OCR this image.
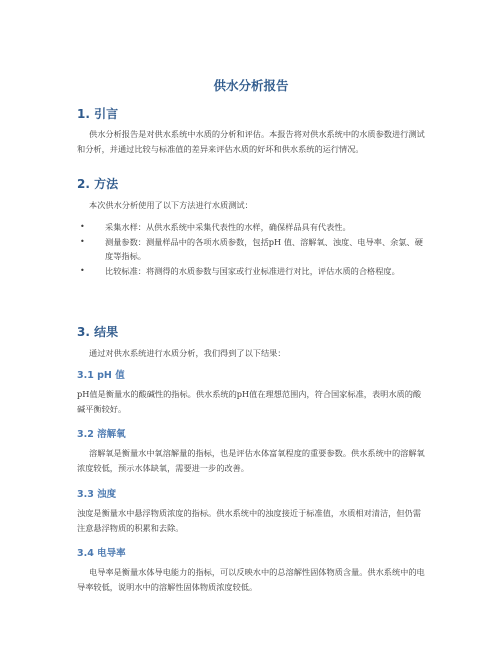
供水分析报告
1. 引言
供水分析报告是对供水系统中水质的分析和评估。本报告将对供水系统中的水质参数进行测试和分析，并通过比较与标准值的差异来评估水质的好坏和供水系统的运行情况。
2. 方法
本次供水分析使用了以下方法进行水质测试：
• 采集水样：从供水系统中采集代表性的水样，确保样品具有代表性。
• 测量参数：测量样品中的各项水质参数，包括pH 值、溶解氧、浊度、电导率、余氯、硬度等指标。
• 比较标准：将测得的水质参数与国家或行业标准进行对比，评估水质的合格程度。
3. 结果
通过对供水系统进行水质分析，我们得到了以下结果：
3.1 pH 值
pH值是衡量水的酸碱性的指标。供水系统的pH值在理想范围内，符合国家标准，表明水质的酸碱平衡较好。
3.2 溶解氧
溶解氧是衡量水中氧溶解量的指标，也是评估水体富氧程度的重要参数。供水系统中的溶解氧浓度较低，预示水体缺氧，需要进一步的改善。
3.3 浊度
浊度是衡量水中悬浮物质浓度的指标。供水系统中的浊度接近于标准值，水质相对清洁，但仍需注意悬浮物质的积累和去除。
3.4 电导率
电导率是衡量水体导电能力的指标，可以反映水中的总溶解性固体物质含量。供水系统中的电导率较低，说明水中的溶解性固体物质浓度较低。
